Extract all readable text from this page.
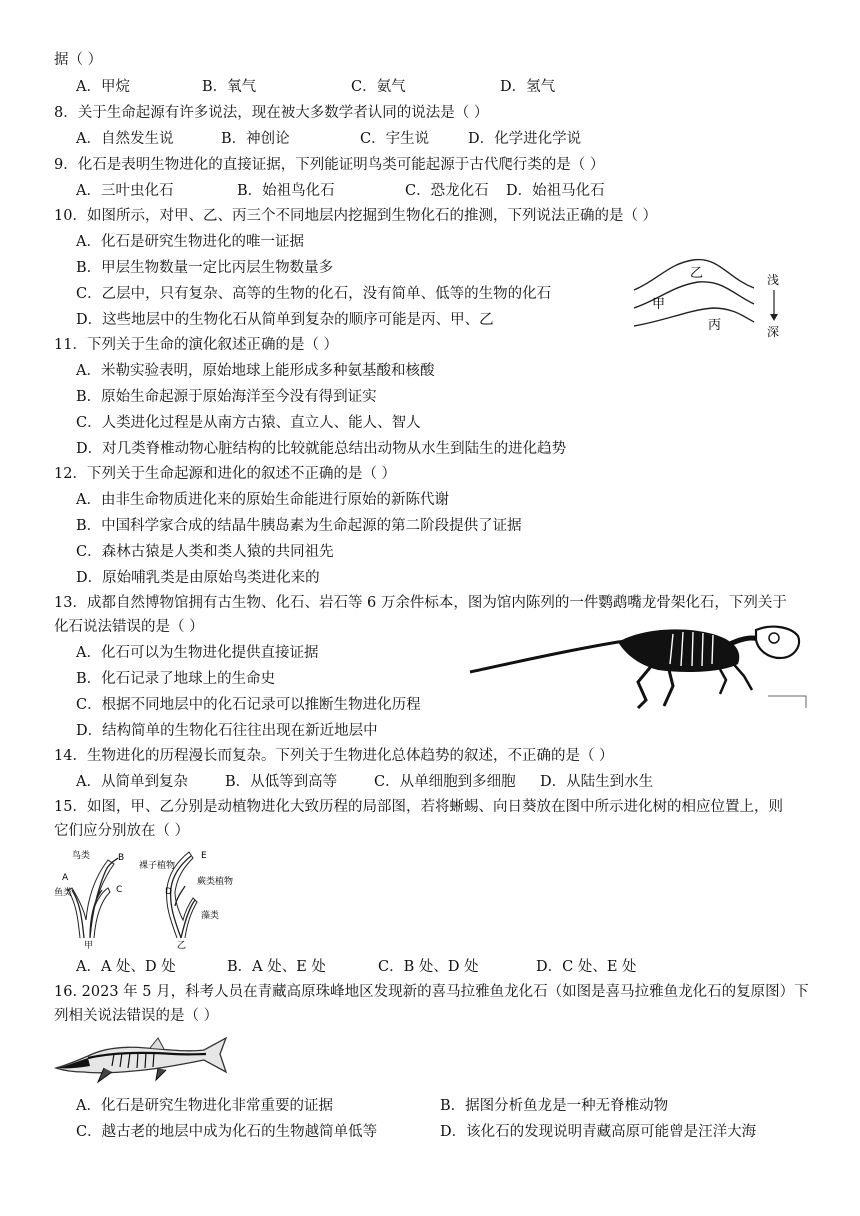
据（ ）
A．甲烷	B．氧气	C．氨气	D．氢气
8．关于生命起源有许多说法，现在被大多数学者认同的说法是（ ）
A．自然发生说	B．神创论	C．宇生说	D．化学进化学说
9．化石是表明生物进化的直接证据，下列能证明鸟类可能起源于古代爬行类的是（ ）
A．三叶虫化石	B．始祖鸟化石	C．恐龙化石 D．始祖马化石
10．如图所示，对甲、乙、丙三个不同地层内挖掘到生物化石的推测，下列说法正确的是（ ）
A．化石是研究生物进化的唯一证据
B．甲层生物数量一定比丙层生物数量多
C．乙层中，只有复杂、高等的生物的化石，没有简单、低等的生物的化石
D．这些地层中的生物化石从简单到复杂的顺序可能是丙、甲、乙
乙
甲
丙
浅
深
11．下列关于生命的演化叙述正确的是（ ）
A．米勒实验表明，原始地球上能形成多种氨基酸和核酸
B．原始生命起源于原始海洋至今没有得到证实
C．人类进化过程是从南方古猿、直立人、能人、智人
D．对几类脊椎动物心脏结构的比较就能总结出动物从水生到陆生的进化趋势
12．下列关于生命起源和进化的叙述不正确的是（ ）
A．由非生命物质进化来的原始生命能进行原始的新陈代谢
B．中国科学家合成的结晶牛胰岛素为生命起源的第二阶段提供了证据
C．森林古猿是人类和类人猿的共同祖先
D．原始哺乳类是由原始鸟类进化来的
13．成都自然博物馆拥有古生物、化石、岩石等 6 万余件标本，图为馆内陈列的一件鹦鹉嘴龙骨架化石，下列关于
化石说法错误的是（ ）
A．化石可以为生物进化提供直接证据
B．化石记录了地球上的生命史
C．根据不同地层中的化石记录可以推断生物进化历程
D．结构简单的生物化石往往出现在新近地层中
14．生物进化的历程漫长而复杂。下列关于生物进化总体趋势的叙述，不正确的是（ ）
A．从简单到复杂	B．从低等到高等	C．从单细胞到多细胞 D．从陆生到水生
15．如图，甲、乙分别是动植物进化大致历程的局部图，若将蜥蜴、向日葵放在图中所示进化树的相应位置上，则
它们应分别放在（ ）
鸟类	B
A
鱼类	C
甲
裸子植物
E
蕨类植物
D
藻类
乙
A．A 处、D 处	B．A 处、E 处	C．B 处、D 处	D．C 处、E 处
16. 2023 年 5 月，科考人员在青藏高原珠峰地区发现新的喜马拉雅鱼龙化石（如图是喜马拉雅鱼龙化石的复原图）下
列相关说法错误的是（ ）
A．化石是研究生物进化非常重要的证据	B．据图分析鱼龙是一种无脊椎动物
C．越古老的地层中成为化石的生物越简单低等	D．该化石的发现说明青藏高原可能曾是汪洋大海
